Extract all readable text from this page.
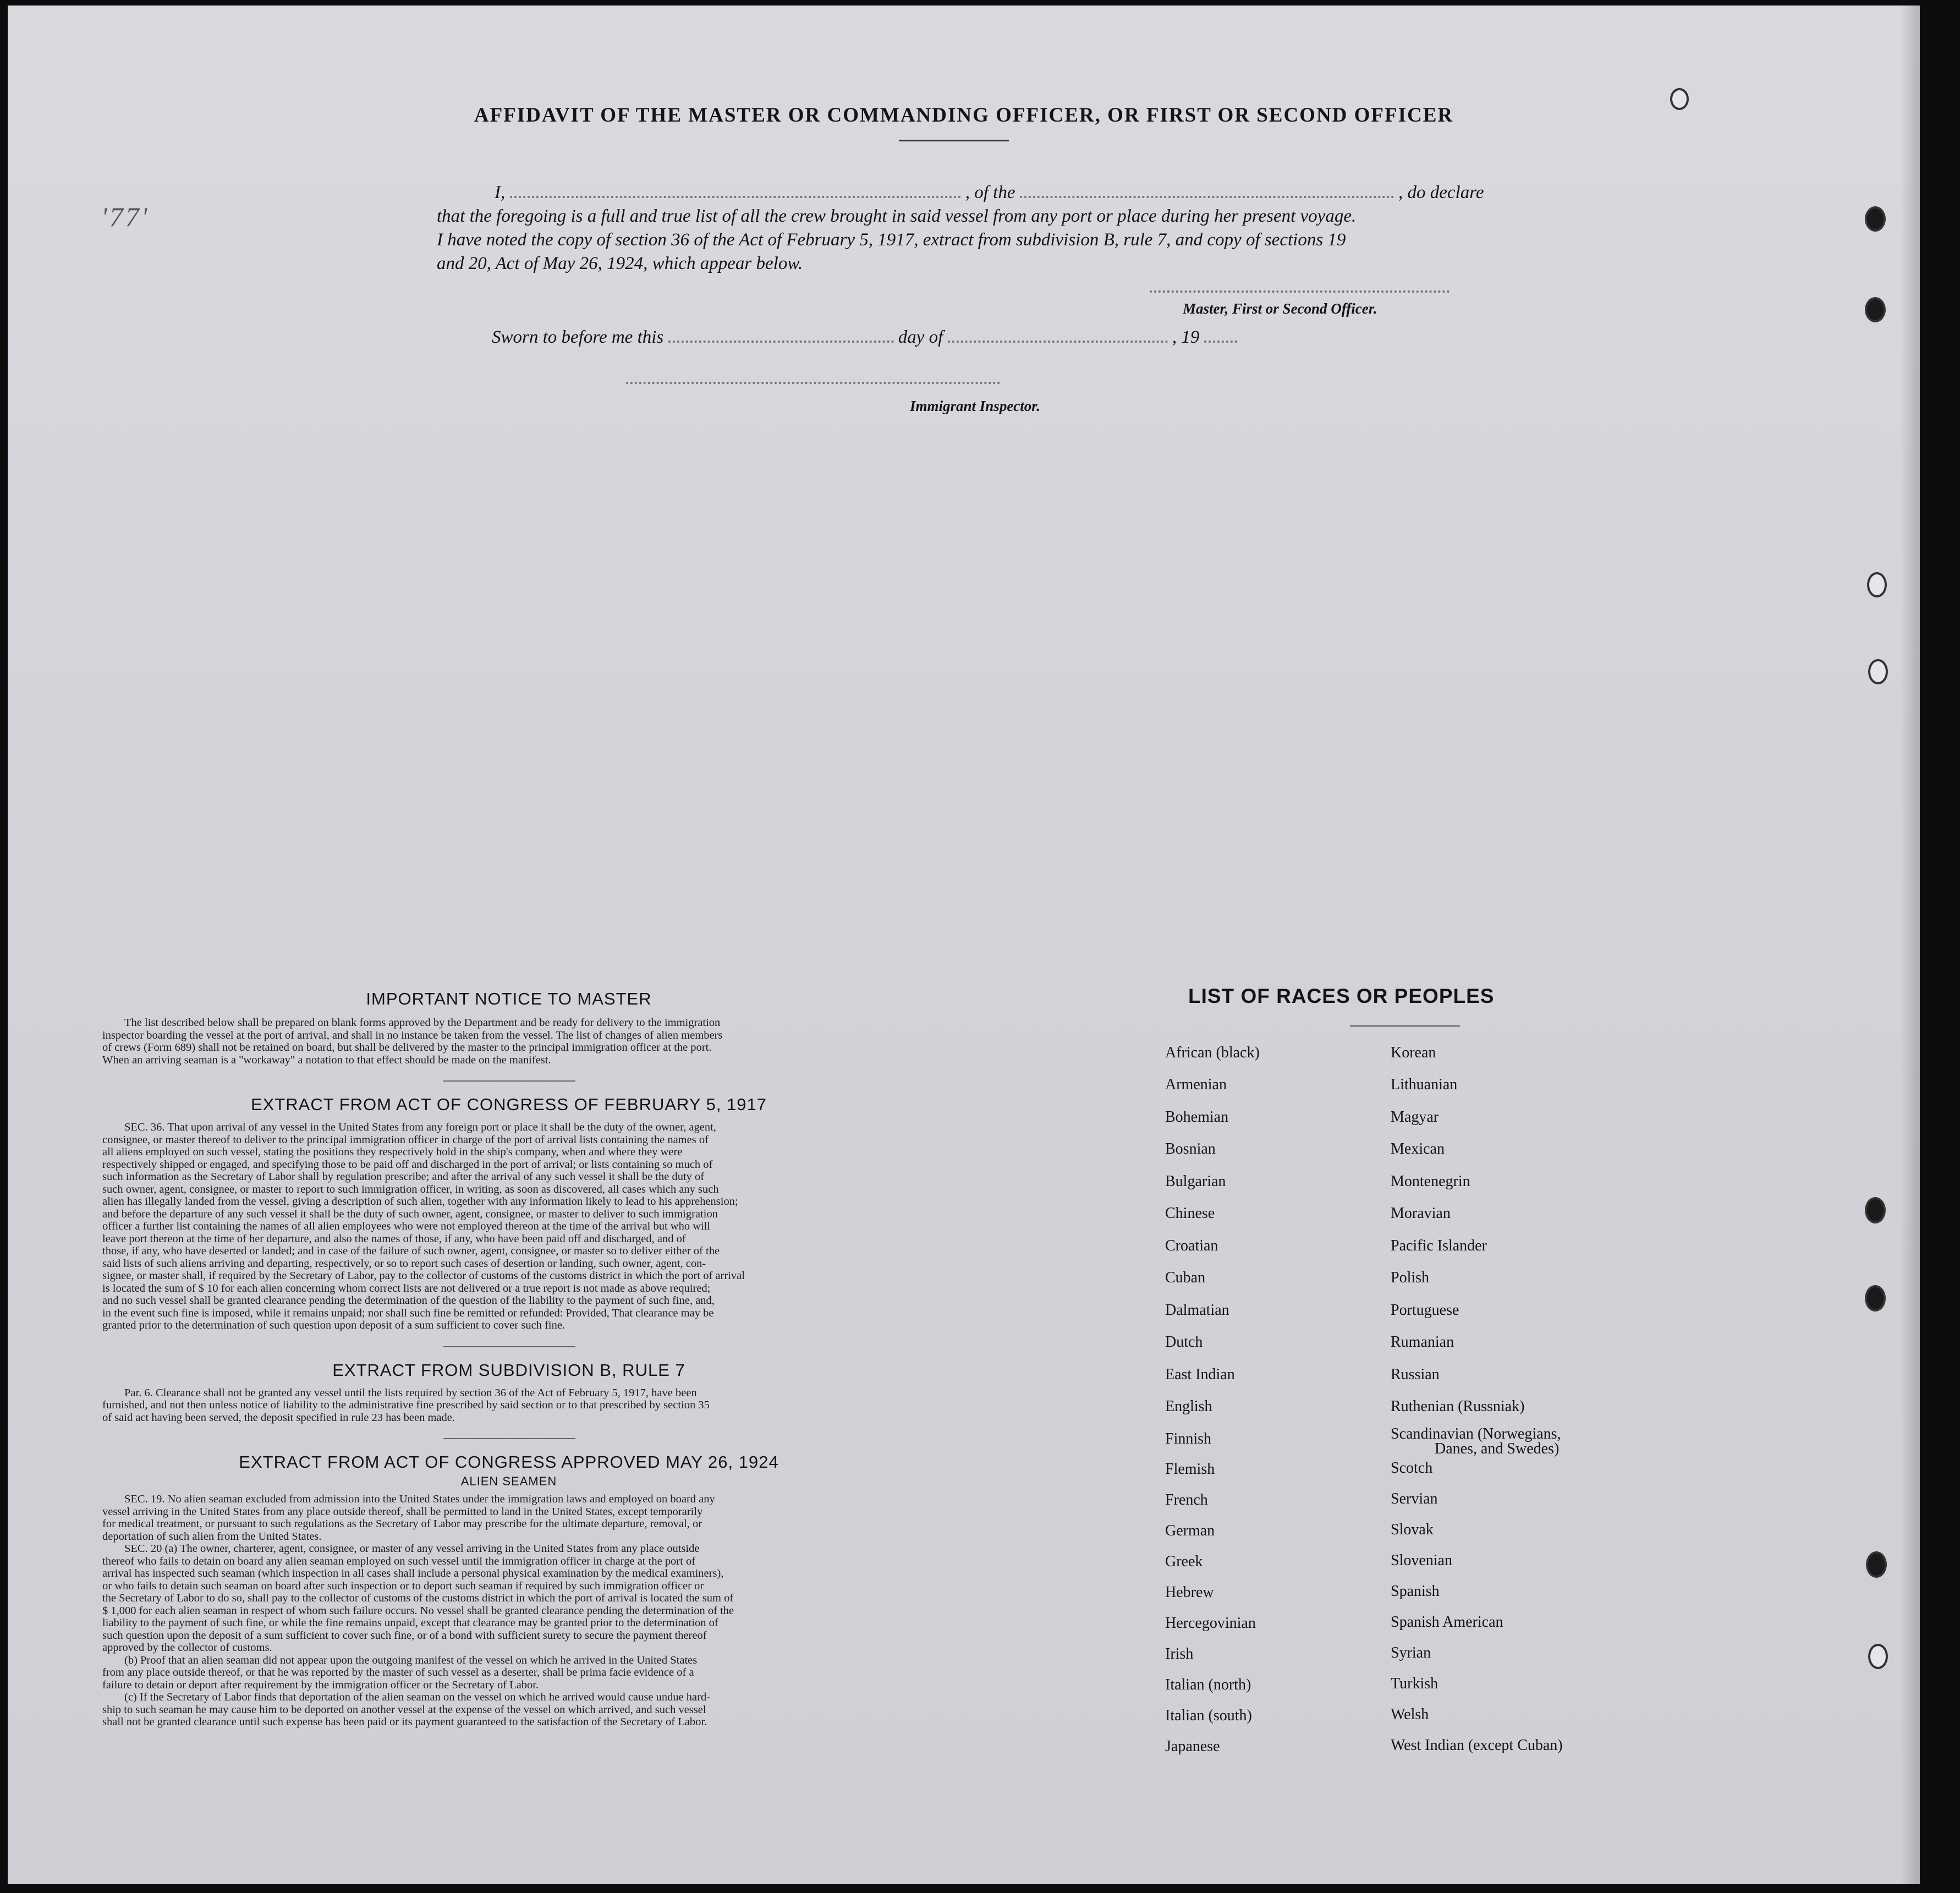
'77'
AFFIDAVIT OF THE MASTER OR COMMANDING OFFICER, OR FIRST OR SECOND OFFICER
I,	, of the	, do declare
that the foregoing is a full and true list of all the crew brought in said vessel from any port or place during her present voyage.
I have noted the copy of section 36 of the Act of February 5, 1917, extract from subdivision B, rule 7, and copy of sections 19
and 20, Act of May 26, 1924, which appear below.
Master, First or Second Officer.
Sworn to before me this	day of	, 19
Immigrant Inspector.
IMPORTANT NOTICE TO MASTER
The list described below shall be prepared on blank forms approved by the Department and be ready for delivery to the immigration
inspector boarding the vessel at the port of arrival, and shall in no instance be taken from the vessel. The list of changes of alien members
of crews (Form 689) shall not be retained on board, but shall be delivered by the master to the principal immigration officer at the port.
When an arriving seaman is a "workaway" a notation to that effect should be made on the manifest.
EXTRACT FROM ACT OF CONGRESS OF FEBRUARY 5, 1917
SEC. 36. That upon arrival of any vessel in the United States from any foreign port or place it shall be the duty of the owner, agent,
consignee, or master thereof to deliver to the principal immigration officer in charge of the port of arrival lists containing the names of
all aliens employed on such vessel, stating the positions they respectively hold in the ship's company, when and where they were
respectively shipped or engaged, and specifying those to be paid off and discharged in the port of arrival; or lists containing so much of
such information as the Secretary of Labor shall by regulation prescribe; and after the arrival of any such vessel it shall be the duty of
such owner, agent, consignee, or master to report to such immigration officer, in writing, as soon as discovered, all cases which any such
alien has illegally landed from the vessel, giving a description of such alien, together with any information likely to lead to his apprehension;
and before the departure of any such vessel it shall be the duty of such owner, agent, consignee, or master to deliver to such immigration
officer a further list containing the names of all alien employees who were not employed thereon at the time of the arrival but who will
leave port thereon at the time of her departure, and also the names of those, if any, who have been paid off and discharged, and of
those, if any, who have deserted or landed; and in case of the failure of such owner, agent, consignee, or master so to deliver either of the
said lists of such aliens arriving and departing, respectively, or so to report such cases of desertion or landing, such owner, agent, con-
signee, or master shall, if required by the Secretary of Labor, pay to the collector of customs of the customs district in which the port of arrival
is located the sum of $ 10 for each alien concerning whom correct lists are not delivered or a true report is not made as above required;
and no such vessel shall be granted clearance pending the determination of the question of the liability to the payment of such fine, and,
in the event such fine is imposed, while it remains unpaid; nor shall such fine be remitted or refunded: Provided, That clearance may be
granted prior to the determination of such question upon deposit of a sum sufficient to cover such fine.
EXTRACT FROM SUBDIVISION B, RULE 7
Par. 6. Clearance shall not be granted any vessel until the lists required by section 36 of the Act of February 5, 1917, have been
furnished, and not then unless notice of liability to the administrative fine prescribed by said section or to that prescribed by section 35
of said act having been served, the deposit specified in rule 23 has been made.
EXTRACT FROM ACT OF CONGRESS APPROVED MAY 26, 1924
ALIEN SEAMEN
SEC. 19. No alien seaman excluded from admission into the United States under the immigration laws and employed on board any
vessel arriving in the United States from any place outside thereof, shall be permitted to land in the United States, except temporarily
for medical treatment, or pursuant to such regulations as the Secretary of Labor may prescribe for the ultimate departure, removal, or
deportation of such alien from the United States.
SEC. 20 (a) The owner, charterer, agent, consignee, or master of any vessel arriving in the United States from any place outside
thereof who fails to detain on board any alien seaman employed on such vessel until the immigration officer in charge at the port of
arrival has inspected such seaman (which inspection in all cases shall include a personal physical examination by the medical examiners),
or who fails to detain such seaman on board after such inspection or to deport such seaman if required by such immigration officer or
the Secretary of Labor to do so, shall pay to the collector of customs of the customs district in which the port of arrival is located the sum of
$ 1,000 for each alien seaman in respect of whom such failure occurs. No vessel shall be granted clearance pending the determination of the
liability to the payment of such fine, or while the fine remains unpaid, except that clearance may be granted prior to the determination of
such question upon the deposit of a sum sufficient to cover such fine, or of a bond with sufficient surety to secure the payment thereof
approved by the collector of customs.
(b) Proof that an alien seaman did not appear upon the outgoing manifest of the vessel on which he arrived in the United States
from any place outside thereof, or that he was reported by the master of such vessel as a deserter, shall be prima facie evidence of a
failure to detain or deport after requirement by the immigration officer or the Secretary of Labor.
(c) If the Secretary of Labor finds that deportation of the alien seaman on the vessel on which he arrived would cause undue hard-
ship to such seaman he may cause him to be deported on another vessel at the expense of the vessel on which arrived, and such vessel
shall not be granted clearance until such expense has been paid or its payment guaranteed to the satisfaction of the Secretary of Labor.
LIST OF RACES OR PEOPLES
African (black)
Armenian
Bohemian
Bosnian
Bulgarian
Chinese
Croatian
Cuban
Dalmatian
Dutch
East Indian
English
Finnish
Flemish
French
German
Greek
Hebrew
Hercegovinian
Irish
Italian (north)
Italian (south)
Japanese
Korean
Lithuanian
Magyar
Mexican
Montenegrin
Moravian
Pacific Islander
Polish
Portuguese
Rumanian
Russian
Ruthenian (Russniak)
Scandinavian (Norwegians,
Danes, and Swedes)
Scotch
Servian
Slovak
Slovenian
Spanish
Spanish American
Syrian
Turkish
Welsh
West Indian (except Cuban)
